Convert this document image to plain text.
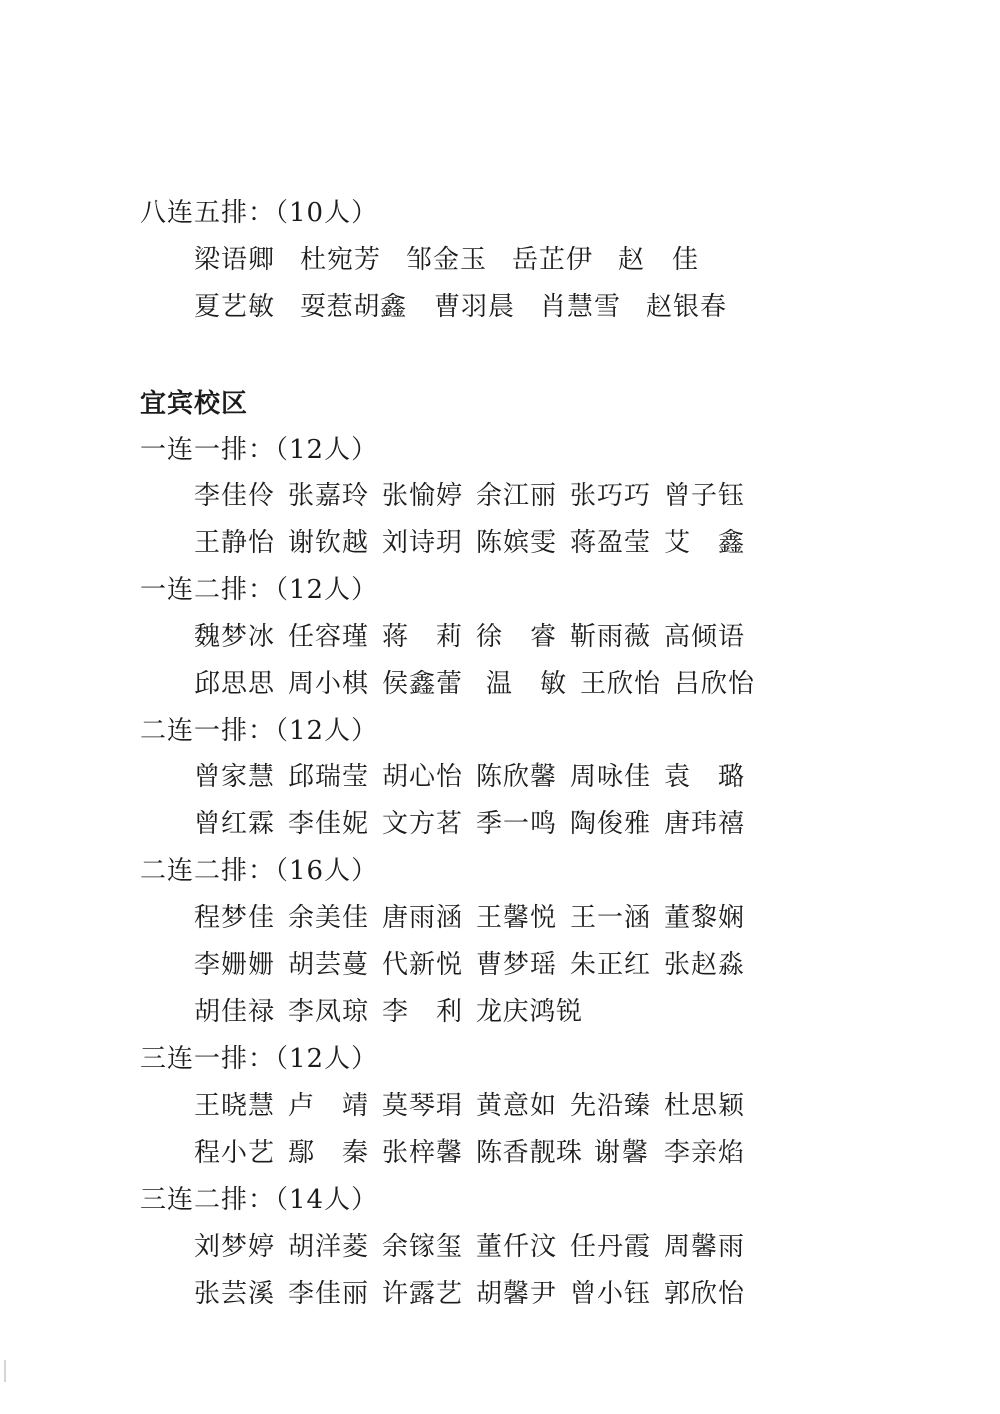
八连五排：（10人）
梁 语 卿 杜 宛 芳 邹 金 玉 岳 芷 伊 赵 佳
夏 艺 敏 耍 惹 胡 鑫 曹 羽 晨 肖 慧 雪 赵 银 春
宜宾校区
一连一排：（12人）
李 佳 伶 张 嘉 玲 张 愉 婷 余 江 丽 张 巧 巧 曾 子 钰
王 静 怡 谢 钦 越 刘 诗 玥 陈 嫔 雯 蒋 盈 莹 艾 鑫
一连二排：（12人）
魏 梦 冰 任 容 瑾 蒋 莉 徐 睿 靳 雨 薇 高 倾 语
邱 思 思 周 小 棋 侯 鑫 蕾 温 敏 王 欣 怡 吕 欣 怡
二连一排：（12人）
曾 家 慧 邱 瑞 莹 胡 心 怡 陈 欣 馨 周 咏 佳 袁 璐
曾 红 霖 李 佳 妮 文 方 茗 季 一 鸣 陶 俊 雅 唐 玮 禧
二连二排：（16人）
程 梦 佳 余 美 佳 唐 雨 涵 王 馨 悦 王 一 涵 董 黎 娴
李 姗 姗 胡 芸 蔓 代 新 悦 曹 梦 瑶 朱 正 红 张 赵 淼
胡 佳 禄 李 凤 琼 李 利 龙 庆 鸿 锐
三连一排：（12人）
王 晓 慧 卢 靖 莫 琴 琄 黄 意 如 先 沿 臻 杜 思 颖
程 小 艺 鄢 秦 张 梓 馨 陈 香 靓 珠 谢 馨 李 亲 焰
三连二排：（14人）
刘 梦 婷 胡 洋 菱 余 镓 玺 董 仟 汶 任 丹 霞 周 馨 雨
张 芸 溪 李 佳 丽 许 露 艺 胡 馨 尹 曾 小 钰 郭 欣 怡
